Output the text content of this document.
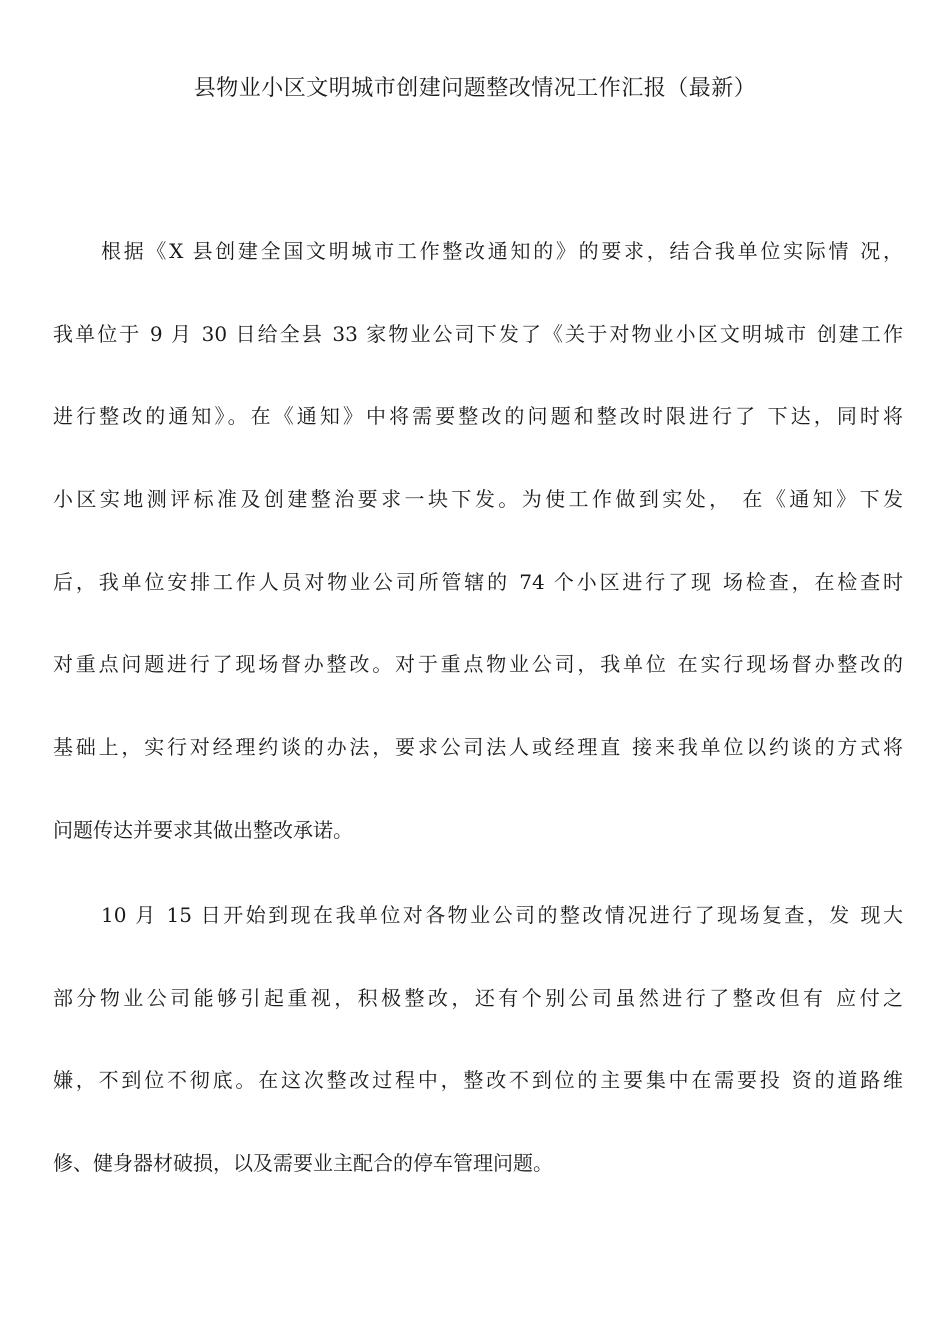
县物业小区文明城市创建问题整改情况工作汇报（最新）
根据《X 县创建全国文明城市工作整改通知的》的要求，结合我单位实际情 况，
我单位于 9 月 30 日给全县 33 家物业公司下发了《关于对物业小区文明城市 创建工作
进行整改的通知》。在《通知》中将需要整改的问题和整改时限进行了 下达，同时将
小区实地测评标准及创建整治要求一块下发。为使工作做到实处， 在《通知》下发
后，我单位安排工作人员对物业公司所管辖的 74 个小区进行了现 场检查，在检查时
对重点问题进行了现场督办整改。对于重点物业公司，我单位 在实行现场督办整改的
基础上，实行对经理约谈的办法，要求公司法人或经理直 接来我单位以约谈的方式将
问题传达并要求其做出整改承诺。
10 月 15 日开始到现在我单位对各物业公司的整改情况进行了现场复查，发 现大
部分物业公司能够引起重视，积极整改，还有个别公司虽然进行了整改但有 应付之
嫌，不到位不彻底。在这次整改过程中，整改不到位的主要集中在需要投 资的道路维
修、健身器材破损，以及需要业主配合的停车管理问题。
